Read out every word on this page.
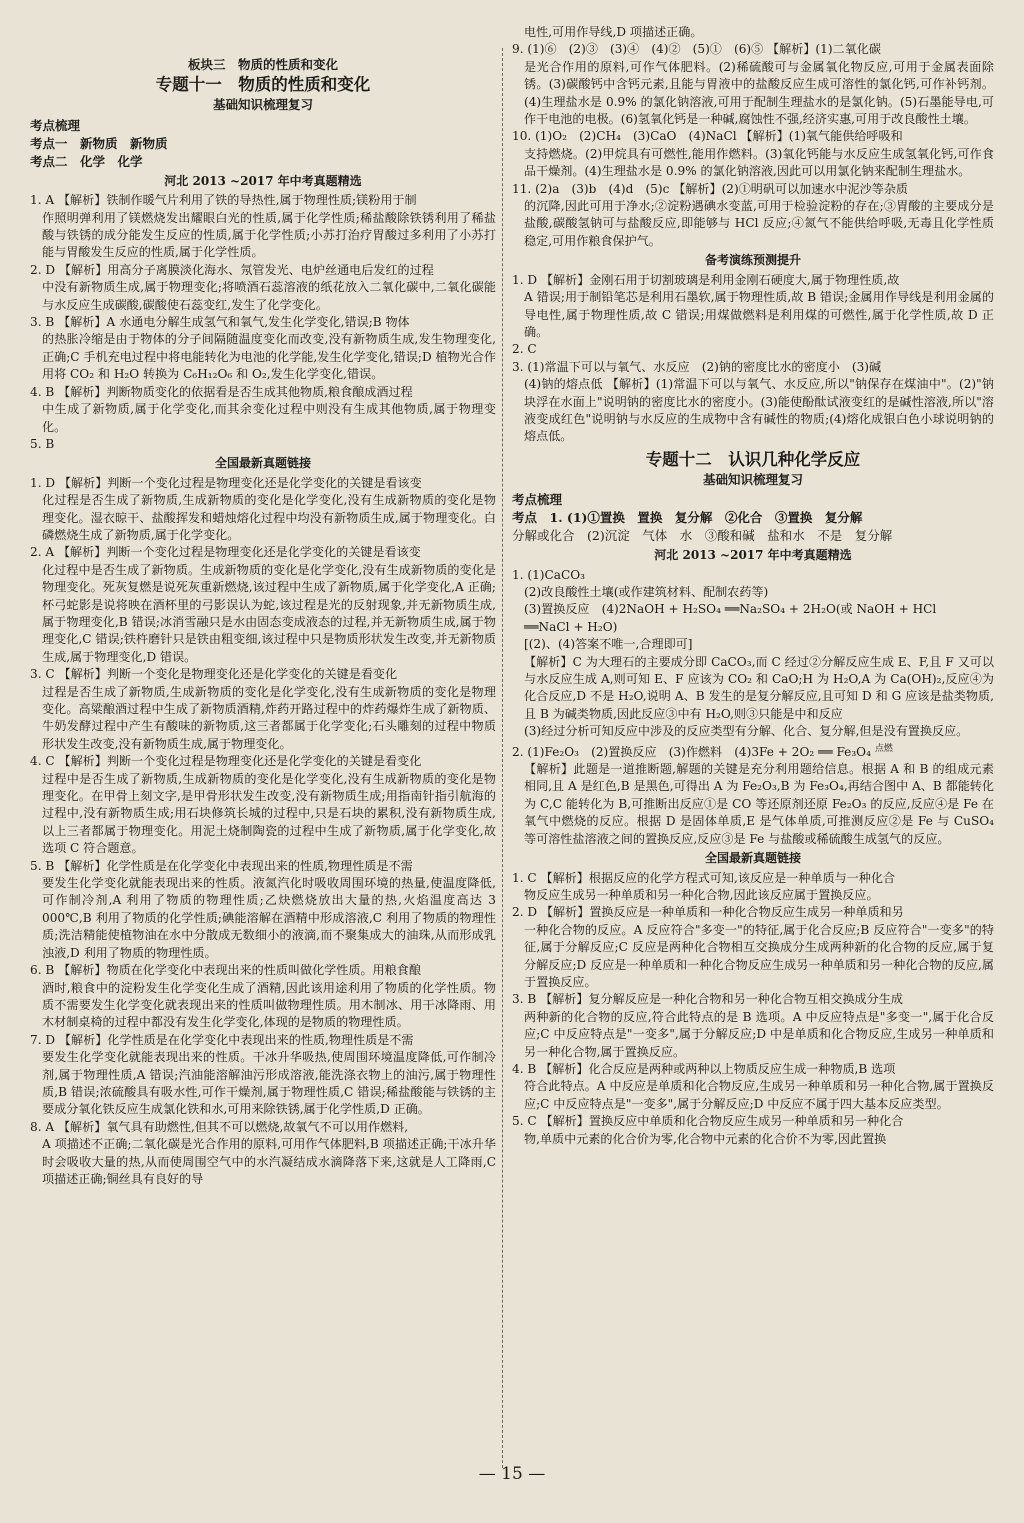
板块三　物质的性质和变化
专题十一　物质的性质和变化
基础知识梳理复习
考点梳理
考点一　新物质　新物质
考点二　化学　化学
河北 2013 ~2017 年中考真题精选
1. A 【解析】铁制作暖气片利用了铁的导热性,属于物理性质;镁粉用于制
作照明弹利用了镁燃烧发出耀眼白光的性质,属于化学性质;稀盐酸除铁锈利用了稀盐酸与铁锈的成分能发生反应的性质,属于化学性质;小苏打治疗胃酸过多利用了小苏打能与胃酸发生反应的性质,属于化学性质。
2. D 【解析】用高分子离膜淡化海水、氖管发光、电炉丝通电后发红的过程
中没有新物质生成,属于物理变化;将喷酒石蕊溶液的纸花放入二氧化碳中,二氧化碳能与水反应生成碳酸,碳酸使石蕊变红,发生了化学变化。
3. B 【解析】A 水通电分解生成氢气和氧气,发生化学变化,错误;B 物体
的热胀冷缩是由于物体的分子间隔随温度变化而改变,没有新物质生成,发生物理变化,正确;C 手机充电过程中将电能转化为电池的化学能,发生化学变化,错误;D 植物光合作用将 CO₂ 和 H₂O 转换为 C₆H₁₂O₆ 和 O₂,发生化学变化,错误。
4. B 【解析】判断物质变化的依据看是否生成其他物质,粮食酿成酒过程
中生成了新物质,属于化学变化,而其余变化过程中则没有生成其他物质,属于物理变化。
5. B
全国最新真题链接
1. D 【解析】判断一个变化过程是物理变化还是化学变化的关键是看该变
化过程是否生成了新物质,生成新物质的变化是化学变化,没有生成新物质的变化是物理变化。湿衣晾干、盐酸挥发和蜡烛熔化过程中均没有新物质生成,属于物理变化。白磷燃烧生成了新物质,属于化学变化。
2. A 【解析】判断一个变化过程是物理变化还是化学变化的关键是看该变
化过程中是否生成了新物质。生成新物质的变化是化学变化,没有生成新物质的变化是物理变化。死灰复燃是说死灰重新燃烧,该过程中生成了新物质,属于化学变化,A 正确;杯弓蛇影是说将映在酒杯里的弓影误认为蛇,该过程是光的反射现象,并无新物质生成,属于物理变化,B 错误;冰消雪融只是水由固态变成液态的过程,并无新物质生成,属于物理变化,C 错误;铁杵磨针只是铁由粗变细,该过程中只是物质形状发生改变,并无新物质生成,属于物理变化,D 错误。
3. C 【解析】判断一个变化是物理变化还是化学变化的关键是看变化
过程是否生成了新物质,生成新物质的变化是化学变化,没有生成新物质的变化是物理变化。高粱酿酒过程中生成了新物质酒精,炸药开路过程中的炸药爆炸生成了新物质、牛奶发酵过程中产生有酸味的新物质,这三者都属于化学变化;石头雕刻的过程中物质形状发生改变,没有新物质生成,属于物理变化。
4. C 【解析】判断一个变化过程是物理变化还是化学变化的关键是看变化
过程中是否生成了新物质,生成新物质的变化是化学变化,没有生成新物质的变化是物理变化。在甲骨上刻文字,是甲骨形状发生改变,没有新物质生成;用指南针指引航海的过程中,没有新物质生成;用石块修筑长城的过程中,只是石块的累积,没有新物质生成,以上三者都属于物理变化。用泥土烧制陶瓷的过程中生成了新物质,属于化学变化,故选项 C 符合题意。
5. B 【解析】化学性质是在化学变化中表现出来的性质,物理性质是不需
要发生化学变化就能表现出来的性质。液氮汽化时吸收周围环境的热量,使温度降低,可作制冷剂,A 利用了物质的物理性质;乙炔燃烧放出大量的热,火焰温度高达 3 000℃,B 利用了物质的化学性质;碘能溶解在酒精中形成溶液,C 利用了物质的物理性质;洗洁精能使植物油在水中分散成无数细小的液滴,而不聚集成大的油珠,从而形成乳浊液,D 利用了物质的物理性质。
6. B 【解析】物质在化学变化中表现出来的性质叫做化学性质。用粮食酿
酒时,粮食中的淀粉发生化学变化生成了酒精,因此该用途利用了物质的化学性质。物质不需要发生化学变化就表现出来的性质叫做物理性质。用木制冰、用干冰降雨、用木材制桌椅的过程中都没有发生化学变化,体现的是物质的物理性质。
7. D 【解析】化学性质是在化学变化中表现出来的性质,物理性质是不需
要发生化学变化就能表现出来的性质。干冰升华吸热,使周围环境温度降低,可作制冷剂,属于物理性质,A 错误;汽油能溶解油污形成溶液,能洗涤衣物上的油污,属于物理性质,B 错误;浓硫酸具有吸水性,可作干燥剂,属于物理性质,C 错误;稀盐酸能与铁锈的主要成分氧化铁反应生成氯化铁和水,可用来除铁锈,属于化学性质,D 正确。
8. A 【解析】氧气具有助燃性,但其不可以燃烧,故氧气不可以用作燃料,
A 项描述不正确;二氧化碳是光合作用的原料,可用作气体肥料,B 项描述正确;干冰升华时会吸收大量的热,从而使周围空气中的水汽凝结成水滴降落下来,这就是人工降雨,C 项描述正确;铜丝具有良好的导
电性,可用作导线,D 项描述正确。
9. (1)⑥　(2)③　(3)④　(4)②　(5)①　(6)⑤ 【解析】(1)二氧化碳
是光合作用的原料,可作气体肥料。(2)稀硫酸可与金属氧化物反应,可用于金属表面除锈。(3)碳酸钙中含钙元素,且能与胃液中的盐酸反应生成可溶性的氯化钙,可作补钙剂。(4)生理盐水是 0.9% 的氯化钠溶液,可用于配制生理盐水的是氯化钠。(5)石墨能导电,可作干电池的电极。(6)氢氧化钙是一种碱,腐蚀性不强,经济实惠,可用于改良酸性土壤。
10. (1)O₂　(2)CH₄　(3)CaO　(4)NaCl 【解析】(1)氧气能供给呼吸和
支持燃烧。(2)甲烷具有可燃性,能用作燃料。(3)氧化钙能与水反应生成氢氧化钙,可作食品干燥剂。(4)生理盐水是 0.9% 的氯化钠溶液,因此可以用氯化钠来配制生理盐水。
11. (2)a　(3)b　(4)d　(5)c 【解析】(2)①明矾可以加速水中泥沙等杂质
的沉降,因此可用于净水;②淀粉遇碘水变蓝,可用于检验淀粉的存在;③胃酸的主要成分是盐酸,碳酸氢钠可与盐酸反应,即能够与 HCl 反应;④氮气不能供给呼吸,无毒且化学性质稳定,可用作粮食保护气。
备考演练预测提升
1. D 【解析】金刚石用于切割玻璃是利用金刚石硬度大,属于物理性质,故
A 错误;用于制铅笔芯是利用石墨软,属于物理性质,故 B 错误;金属用作导线是利用金属的导电性,属于物理性质,故 C 错误;用煤做燃料是利用煤的可燃性,属于化学性质,故 D 正确。
2. C
3. (1)常温下可以与氧气、水反应　(2)钠的密度比水的密度小　(3)碱
(4)钠的熔点低 【解析】(1)常温下可以与氧气、水反应,所以"钠保存在煤油中"。(2)"钠块浮在水面上"说明钠的密度比水的密度小。(3)能使酚酞试液变红的是碱性溶液,所以"溶液变成红色"说明钠与水反应的生成物中含有碱性的物质;(4)熔化成银白色小球说明钠的熔点低。
专题十二　认识几种化学反应
基础知识梳理复习
考点梳理
考点　1. (1)①置换　置换　复分解　②化合　③置换　复分解
分解或化合　(2)沉淀　气体　水　③酸和碱　盐和水　不是　复分解
河北 2013 ~2017 年中考真题精选
1. (1)CaCO₃
(2)改良酸性土壤(或作建筑材料、配制农药等)
(3)置换反应　(4)2NaOH + H₂SO₄ ══Na₂SO₄ + 2H₂O(或 NaOH + HCl
══NaCl + H₂O)
[(2)、(4)答案不唯一,合理即可]
【解析】C 为大理石的主要成分即 CaCO₃,而 C 经过②分解反应生成 E、F,且 F 又可以与水反应生成 A,则可知 E、F 应该为 CO₂ 和 CaO;H 为 H₂O,A 为 Ca(OH)₂,反应④为化合反应,D 不是 H₂O,说明 A、B 发生的是复分解反应,且可知 D 和 G 应该是盐类物质,且 B 为碱类物质,因此反应③中有 H₂O,则③只能是中和反应
(3)经过分析可知反应中涉及的反应类型有分解、化合、复分解,但是没有置换反应。
2. (1)Fe₂O₃　(2)置换反应　(3)作燃料　(4)3Fe + 2O₂ ══ Fe₃O₄ $^{点燃}$
【解析】此题是一道推断题,解题的关键是充分利用题给信息。根据 A 和 B 的组成元素相同,且 A 是红色,B 是黑色,可得出 A 为 Fe₂O₃,B 为 Fe₃O₄,再结合图中 A、B 都能转化为 C,C 能转化为 B,可推断出反应①是 CO 等还原剂还原 Fe₂O₃ 的反应,反应④是 Fe 在氧气中燃烧的反应。根据 D 是固体单质,E 是气体单质,可推测反应②是 Fe 与 CuSO₄ 等可溶性盐溶液之间的置换反应,反应③是 Fe 与盐酸或稀硫酸生成氢气的反应。
全国最新真题链接
1. C 【解析】根据反应的化学方程式可知,该反应是一种单质与一种化合
物反应生成另一种单质和另一种化合物,因此该反应属于置换反应。
2. D 【解析】置换反应是一种单质和一种化合物反应生成另一种单质和另
一种化合物的反应。A 反应符合"多变一"的特征,属于化合反应;B 反应符合"一变多"的特征,属于分解反应;C 反应是两种化合物相互交换成分生成两种新的化合物的反应,属于复分解反应;D 反应是一种单质和一种化合物反应生成另一种单质和另一种化合物的反应,属于置换反应。
3. B 【解析】复分解反应是一种化合物和另一种化合物互相交换成分生成
两种新的化合物的反应,符合此特点的是 B 选项。A 中反应特点是"多变一",属于化合反应;C 中反应特点是"一变多",属于分解反应;D 中是单质和化合物反应,生成另一种单质和另一种化合物,属于置换反应。
4. B 【解析】化合反应是两种或两种以上物质反应生成一种物质,B 选项
符合此特点。A 中反应是单质和化合物反应,生成另一种单质和另一种化合物,属于置换反应;C 中反应特点是"一变多",属于分解反应;D 中反应不属于四大基本反应类型。
5. C 【解析】置换反应中单质和化合物反应生成另一种单质和另一种化合
物,单质中元素的化合价为零,化合物中元素的化合价不为零,因此置换
— 15 —
